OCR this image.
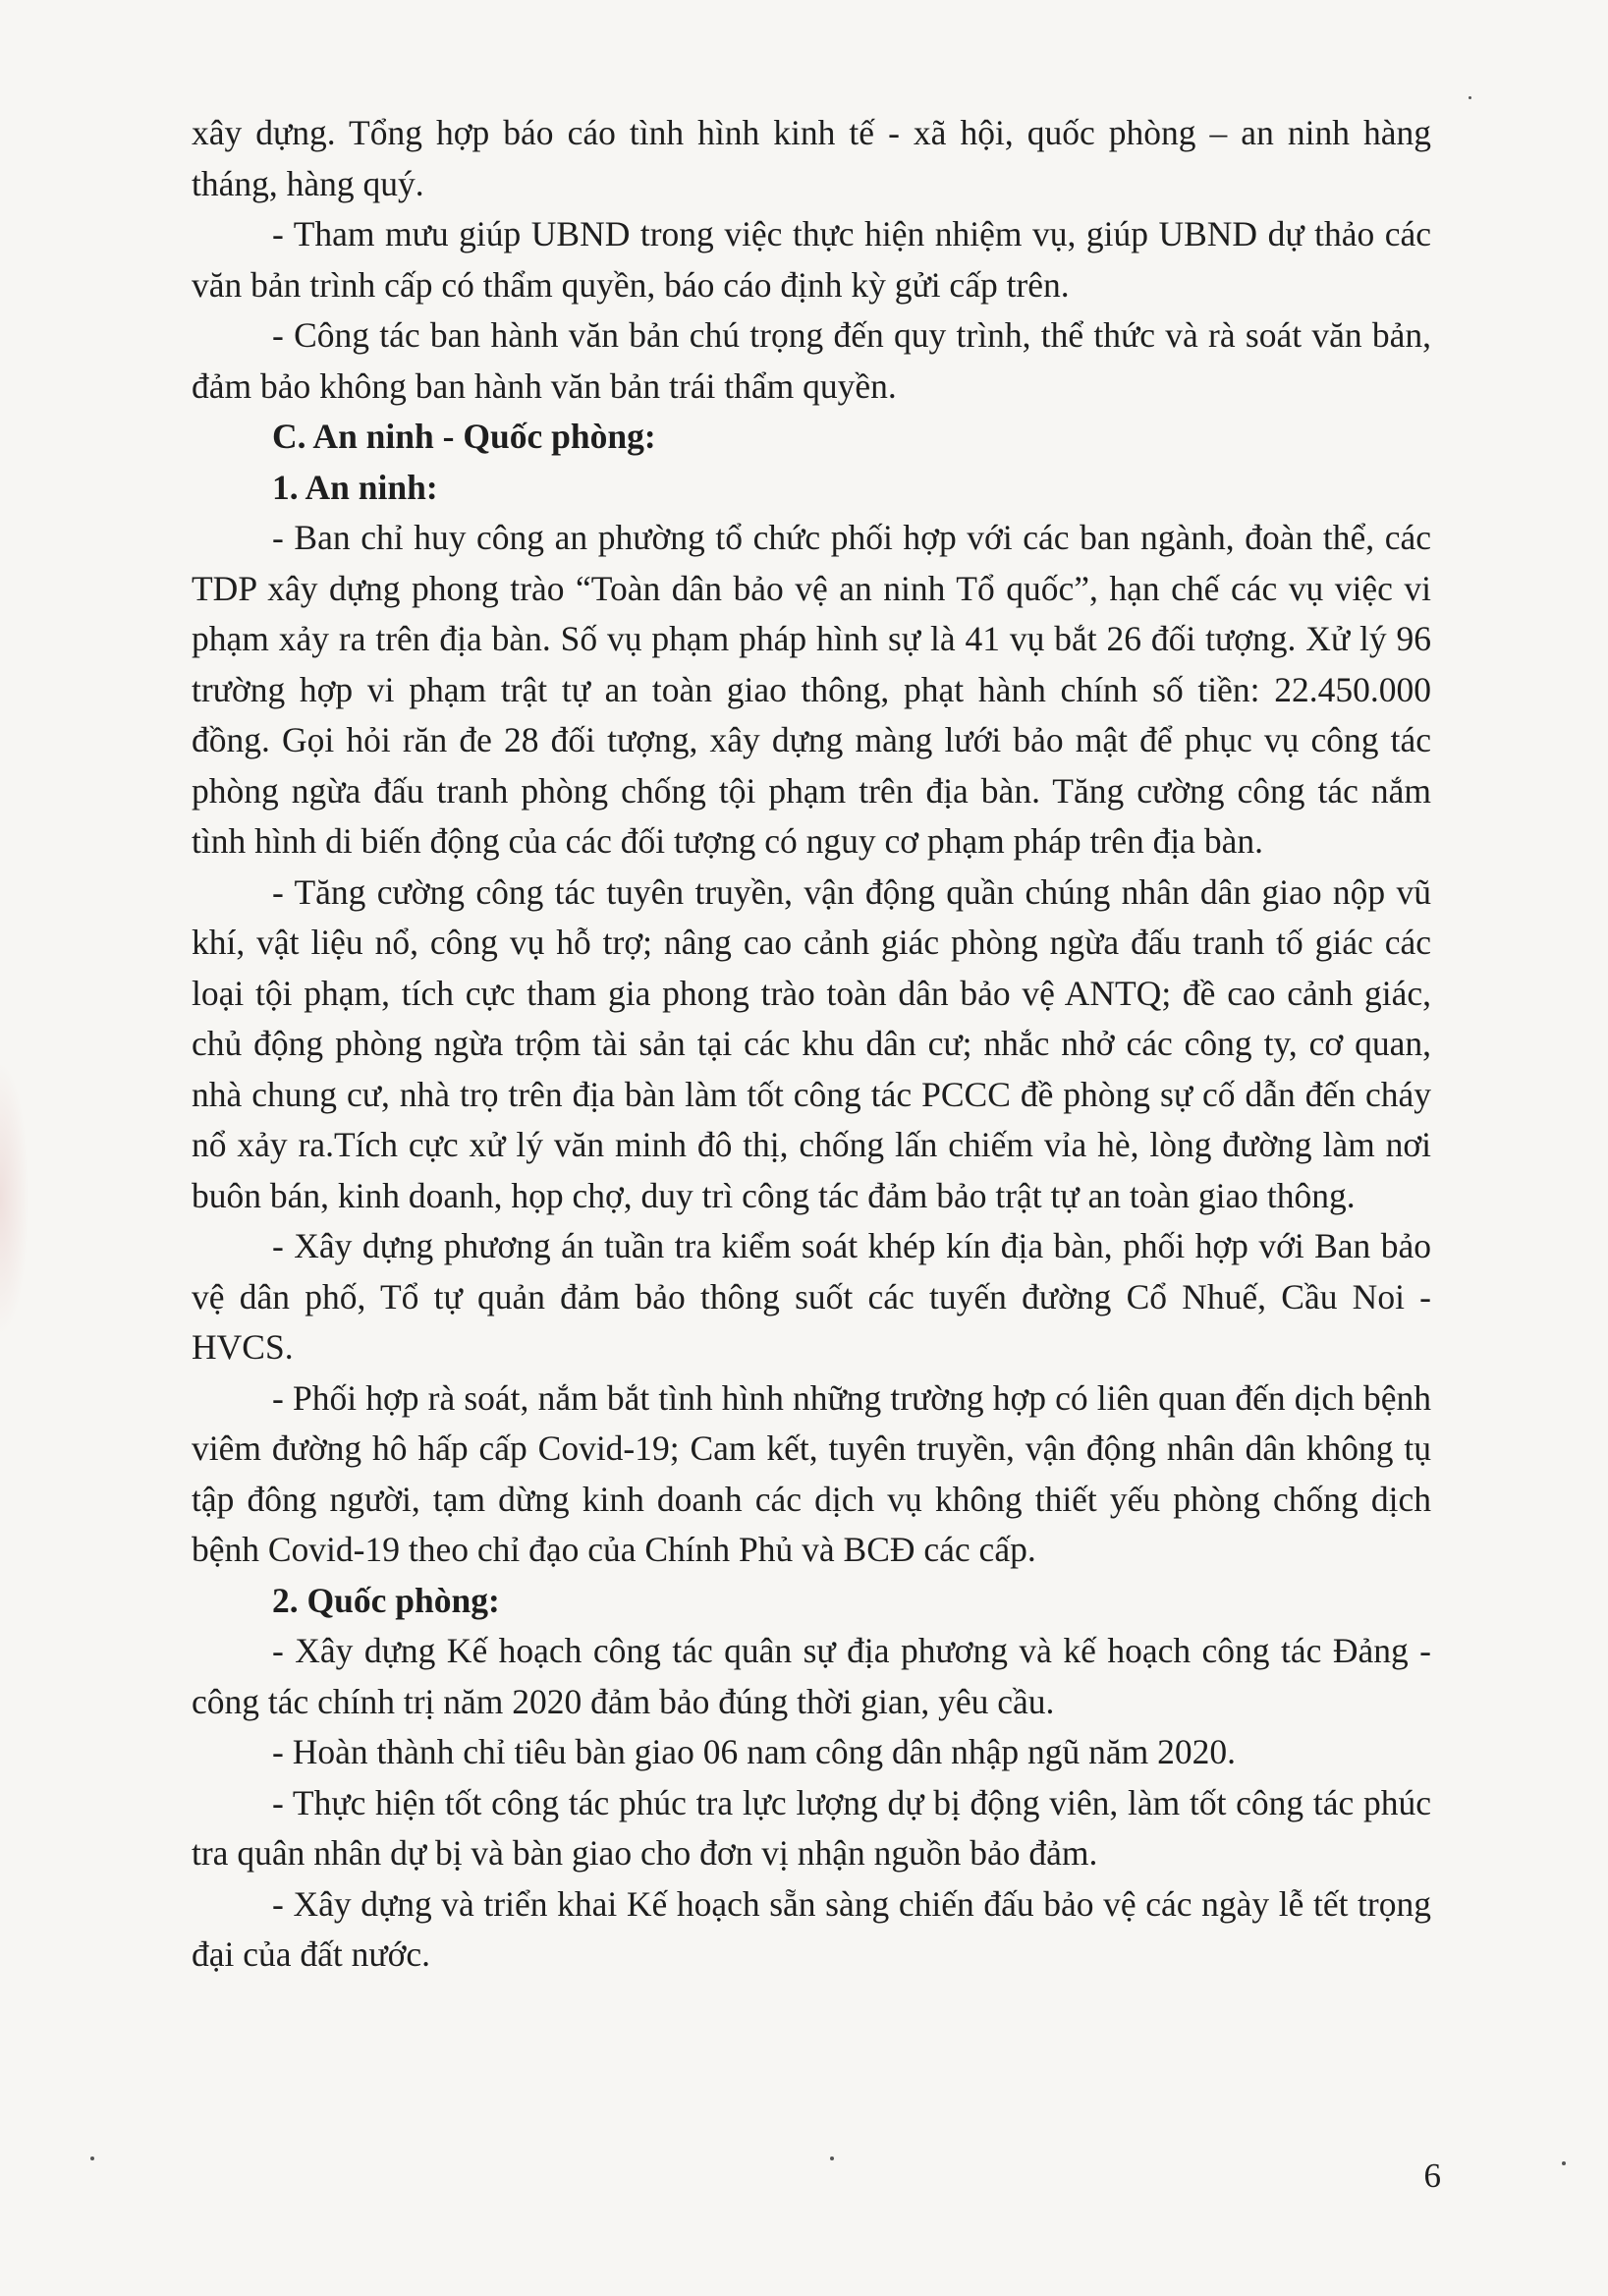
xây dựng. Tổng hợp báo cáo tình hình kinh tế - xã hội, quốc phòng – an ninh hàng tháng, hàng quý.

- Tham mưu giúp UBND trong việc thực hiện nhiệm vụ, giúp UBND dự thảo các văn bản trình cấp có thẩm quyền, báo cáo định kỳ gửi cấp trên.

- Công tác ban hành văn bản chú trọng đến quy trình, thể thức và rà soát văn bản, đảm bảo không ban hành văn bản trái thẩm quyền.

C. An ninh - Quốc phòng:

1. An ninh:

- Ban chỉ huy công an phường tổ chức phối hợp với các ban ngành, đoàn thể, các TDP xây dựng phong trào “Toàn dân bảo vệ an ninh Tổ quốc”, hạn chế các vụ việc vi phạm xảy ra trên địa bàn. Số vụ phạm pháp hình sự là 41 vụ bắt 26 đối tượng. Xử lý 96 trường hợp vi phạm trật tự an toàn giao thông, phạt hành chính số tiền: 22.450.000 đồng. Gọi hỏi răn đe 28 đối tượng, xây dựng màng lưới bảo mật để phục vụ công tác phòng ngừa đấu tranh phòng chống tội phạm trên địa bàn. Tăng cường công tác nắm tình hình di biến động của các đối tượng có nguy cơ phạm pháp trên địa bàn.

- Tăng cường công tác tuyên truyền, vận động quần chúng nhân dân giao nộp vũ khí, vật liệu nổ, công vụ hỗ trợ; nâng cao cảnh giác phòng ngừa đấu tranh tố giác các loại tội phạm, tích cực tham gia phong trào toàn dân bảo vệ ANTQ; đề cao cảnh giác, chủ động phòng ngừa trộm tài sản tại các khu dân cư; nhắc nhở các công ty, cơ quan, nhà chung cư, nhà trọ trên địa bàn làm tốt công tác PCCC đề phòng sự cố dẫn đến cháy nổ xảy ra.Tích cực xử lý văn minh đô thị, chống lấn chiếm vỉa hè, lòng đường làm nơi buôn bán, kinh doanh, họp chợ, duy trì công tác đảm bảo trật tự an toàn giao thông.

- Xây dựng phương án tuần tra kiểm soát khép kín địa bàn, phối hợp với Ban bảo vệ dân phố, Tổ tự quản đảm bảo thông suốt các tuyến đường Cổ Nhuế, Cầu Noi - HVCS.

- Phối hợp rà soát, nắm bắt tình hình những trường hợp có liên quan đến dịch bệnh viêm đường hô hấp cấp Covid-19; Cam kết, tuyên truyền, vận động nhân dân không tụ tập đông người, tạm dừng kinh doanh các dịch vụ không thiết yếu phòng chống dịch bệnh Covid-19 theo chỉ đạo của Chính Phủ và BCĐ các cấp.

2. Quốc phòng:

- Xây dựng Kế hoạch công tác quân sự địa phương và kế hoạch công tác Đảng - công tác chính trị năm 2020 đảm bảo đúng thời gian, yêu cầu.

- Hoàn thành chỉ tiêu bàn giao 06 nam công dân nhập ngũ năm 2020.

- Thực hiện tốt công tác phúc tra lực lượng dự bị động viên, làm tốt công tác phúc tra quân nhân dự bị và bàn giao cho đơn vị nhận nguồn bảo đảm.

- Xây dựng và triển khai Kế hoạch sẵn sàng chiến đấu bảo vệ các ngày lễ tết trọng đại của đất nước.

6
